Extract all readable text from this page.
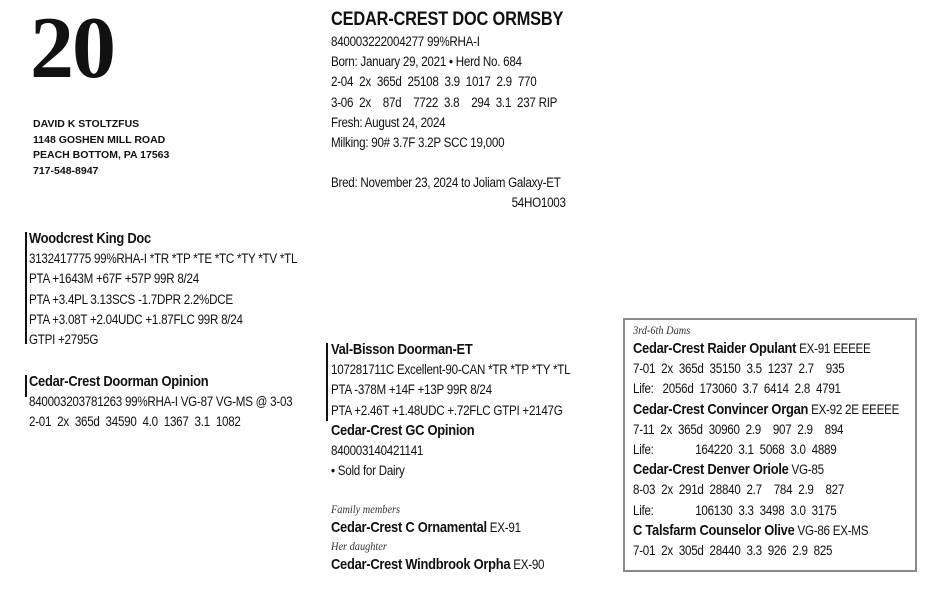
20
DAVID K STOLTZFUS
1148 GOSHEN MILL ROAD
PEACH BOTTOM, PA 17563
717-548-8947
CEDAR-CREST DOC ORMSBY
840003222004277 99%RHA-I
Born: January 29, 2021 • Herd No. 684
2-04  2x  365d  25108  3.9  1017  2.9  770
3-06  2x    87d    7722  3.8    294  3.1  237 RIP
Fresh: August 24, 2024
Milking: 90# 3.7F 3.2P SCC 19,000
Bred: November 23, 2024 to Joliam Galaxy-ET
54HO1003
Woodcrest King Doc
3132417775 99%RHA-I *TR *TP *TE *TC *TY *TV *TL
PTA +1643M +67F +57P 99R 8/24
PTA +3.4PL 3.13SCS -1.7DPR 2.2%DCE
PTA +3.08T +2.04UDC +1.87FLC 99R 8/24
GTPI +2795G
Cedar-Crest Doorman Opinion
840003203781263 99%RHA-I VG-87 VG-MS @ 3-03
2-01  2x  365d  34590  4.0  1367  3.1  1082
Val-Bisson Doorman-ET
107281711C Excellent-90-CAN *TR *TP *TY *TL
PTA -378M +14F +13P 99R 8/24
PTA +2.46T +1.48UDC +.72FLC GTPI +2147G
Cedar-Crest GC Opinion
840003140421141
• Sold for Dairy
Family members
Cedar-Crest C Ornamental EX-91
Her daughter
Cedar-Crest Windbrook Orpha EX-90
3rd-6th Dams
Cedar-Crest Raider Opulant EX-91 EEEEE
7-01  2x  365d  35150  3.5  1237  2.7    935
Life:   2056d  173060  3.7  6414  2.8  4791
Cedar-Crest Convincer Organ EX-92 2E EEEEE
7-11  2x  365d  30960  2.9    907  2.9    894
Life:              164220  3.1  5068  3.0  4889
Cedar-Crest Denver Oriole VG-85
8-03  2x  291d  28840  2.7    784  2.9    827
Life:              106130  3.3  3498  3.0  3175
C Talsfarm Counselor Olive VG-86 EX-MS
7-01  2x  305d  28440  3.3  926  2.9  825
